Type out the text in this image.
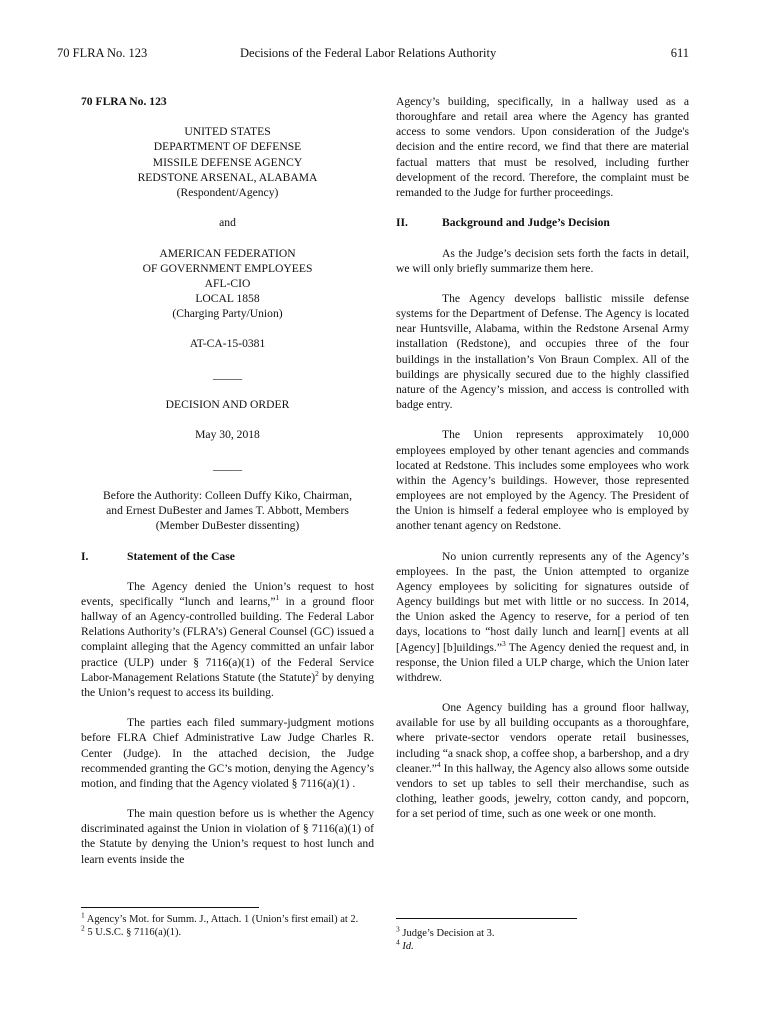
70 FLRA No. 123	Decisions of the Federal Labor Relations Authority	611

70 FLRA No. 123

UNITED STATES

DEPARTMENT OF DEFENSE

MISSILE DEFENSE AGENCY

REDSTONE ARSENAL, ALABAMA

(Respondent/Agency)

and

AMERICAN FEDERATION

OF GOVERNMENT EMPLOYEES

AFL-CIO

LOCAL 1858

(Charging Party/Union)

AT-CA-15-0381

_____

DECISION AND ORDER

May 30, 2018

_____

Before the Authority: Colleen Duffy Kiko, Chairman,

and Ernest DuBester and James T. Abbott, Members

(Member DuBester dissenting)

I.	Statement of the Case

The Agency denied the Union’s request to host events, specifically “lunch and learns,”$^1$ in a ground floor hallway of an Agency-controlled building. The Federal Labor Relations Authority’s (FLRA’s) General Counsel (GC) issued a complaint alleging that the Agency committed an unfair labor practice (ULP) under § 7116(a)(1) of the Federal Service Labor-Management Relations Statute (the Statute)$^2$ by denying the Union’s request to access its building.

The parties each filed summary-judgment motions before FLRA Chief Administrative Law Judge Charles R. Center (Judge). In the attached decision, the Judge recommended granting the GC’s motion, denying the Agency’s motion, and finding that the Agency violated § 7116(a)(1) .

The main question before us is whether the Agency discriminated against the Union in violation of § 7116(a)(1) of the Statute by denying the Union’s request to host lunch and learn events inside the

$^1$ Agency’s Mot. for Summ. J., Attach. 1 (Union’s first email) at 2.

$^2$ 5 U.S.C. § 7116(a)(1).

Agency’s building, specifically, in a hallway used as a thoroughfare and retail area where the Agency has granted access to some vendors. Upon consideration of the Judge's decision and the entire record, we find that there are material factual matters that must be resolved, including further development of the record. Therefore, the complaint must be remanded to the Judge for further proceedings.

II.	Background and Judge’s Decision

As the Judge’s decision sets forth the facts in detail, we will only briefly summarize them here.

The Agency develops ballistic missile defense systems for the Department of Defense. The Agency is located near Huntsville, Alabama, within the Redstone Arsenal Army installation (Redstone), and occupies three of the four buildings in the installation’s Von Braun Complex. All of the buildings are physically secured due to the highly classified nature of the Agency’s mission, and access is controlled with badge entry.

The Union represents approximately 10,000 employees employed by other tenant agencies and commands located at Redstone. This includes some employees who work within the Agency’s buildings. However, those represented employees are not employed by the Agency. The President of the Union is himself a federal employee who is employed by another tenant agency on Redstone.

No union currently represents any of the Agency’s employees. In the past, the Union attempted to organize Agency employees by soliciting for signatures outside of Agency buildings but met with little or no success. In 2014, the Union asked the Agency to reserve, for a period of ten days, locations to “host daily lunch and learn[] events at all [Agency] [b]uildings.”$^3$ The Agency denied the request and, in response, the Union filed a ULP charge, which the Union later withdrew.

One Agency building has a ground floor hallway, available for use by all building occupants as a thoroughfare, where private-sector vendors operate retail businesses, including “a snack shop, a coffee shop, a barbershop, and a dry cleaner.”$^4$ In this hallway, the Agency also allows some outside vendors to set up tables to sell their merchandise, such as clothing, leather goods, jewelry, cotton candy, and popcorn, for a set period of time, such as one week or one month.

$^3$ Judge’s Decision at 3.

$^4$ Id.
